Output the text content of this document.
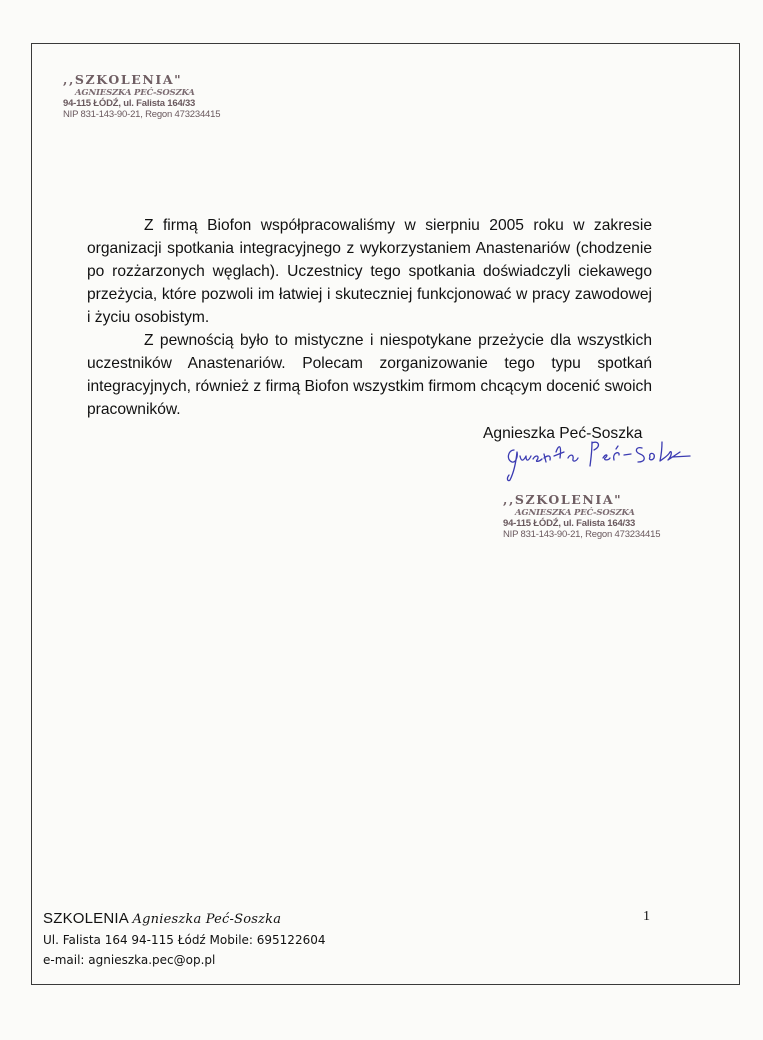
,,SZKOLENIA"
AGNIESZKA PEĆ-SOSZKA
94-115 ŁÓDŹ, ul. Falista 164/33
NIP 831-143-90-21, Regon 473234415

Z firmą Biofon współpracowaliśmy w sierpniu 2005 roku w zakresie organizacji spotkania integracyjnego z wykorzystaniem Anastenariów (chodzenie po rozżarzonych węglach). Uczestnicy tego spotkania doświadczyli ciekawego przeżycia, które pozwoli im łatwiej i skuteczniej funkcjonować w pracy zawodowej i życiu osobistym.

Z pewnością było to mistyczne i niespotykane przeżycie dla wszystkich uczestników Anastenariów. Polecam zorganizowanie tego typu spotkań integracyjnych, również z firmą Biofon wszystkim firmom chcącym docenić swoich pracowników.

Agnieszka Peć-Soszka
,,SZKOLENIA"
AGNIESZKA PEĆ-SOSZKA
94-115 ŁÓDŹ, ul. Falista 164/33
NIP 831-143-90-21, Regon 473234415
SZKOLENIA Agnieszka Peć-Soszka
Ul. Falista 164 94-115 Łódź Mobile: 695122604
e-mail: agnieszka.pec@op.pl
1
